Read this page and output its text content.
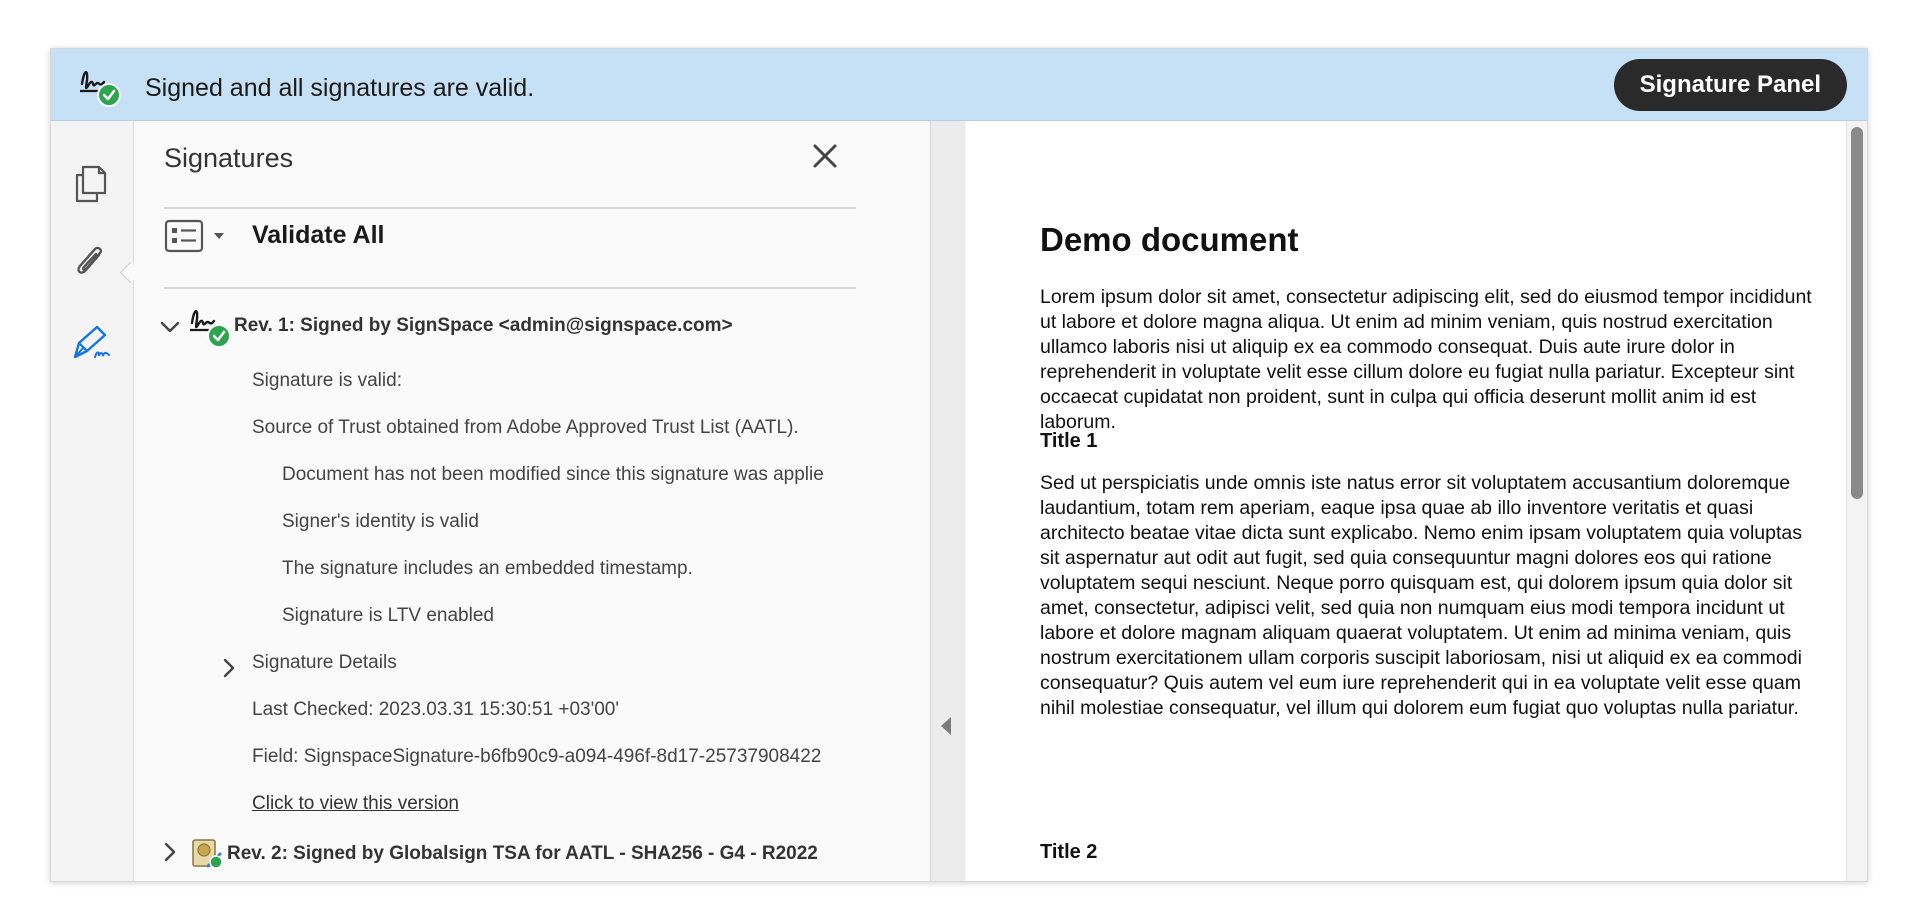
Signed and all signatures are valid.	Signature Panel
Signatures
Validate All
Rev. 1: Signed by SignSpace <admin@signspace.com>
Signature is valid:
Source of Trust obtained from Adobe Approved Trust List (AATL).
Document has not been modified since this signature was applie
Signer's identity is valid
The signature includes an embedded timestamp.
Signature is LTV enabled
Signature Details
Last Checked: 2023.03.31 15:30:51 +03'00'
Field: SignspaceSignature-b6fb90c9-a094-496f-8d17-25737908422
Click to view this version
Rev. 2: Signed by Globalsign TSA for AATL - SHA256 - G4 - R2022
Demo document
Lorem ipsum dolor sit amet, consectetur adipiscing elit, sed do eiusmod tempor incididunt ut labore et dolore magna aliqua. Ut enim ad minim veniam, quis nostrud exercitation ullamco laboris nisi ut aliquip ex ea commodo consequat. Duis aute irure dolor in reprehenderit in voluptate velit esse cillum dolore eu fugiat nulla pariatur. Excepteur sint occaecat cupidatat non proident, sunt in culpa qui officia deserunt mollit anim id est laborum.
Title 1
Sed ut perspiciatis unde omnis iste natus error sit voluptatem accusantium doloremque laudantium, totam rem aperiam, eaque ipsa quae ab illo inventore veritatis et quasi architecto beatae vitae dicta sunt explicabo. Nemo enim ipsam voluptatem quia voluptas sit aspernatur aut odit aut fugit, sed quia consequuntur magni dolores eos qui ratione voluptatem sequi nesciunt. Neque porro quisquam est, qui dolorem ipsum quia dolor sit amet, consectetur, adipisci velit, sed quia non numquam eius modi tempora incidunt ut labore et dolore magnam aliquam quaerat voluptatem. Ut enim ad minima veniam, quis nostrum exercitationem ullam corporis suscipit laboriosam, nisi ut aliquid ex ea commodi consequatur? Quis autem vel eum iure reprehenderit qui in ea voluptate velit esse quam nihil molestiae consequatur, vel illum qui dolorem eum fugiat quo voluptas nulla pariatur.
Title 2
